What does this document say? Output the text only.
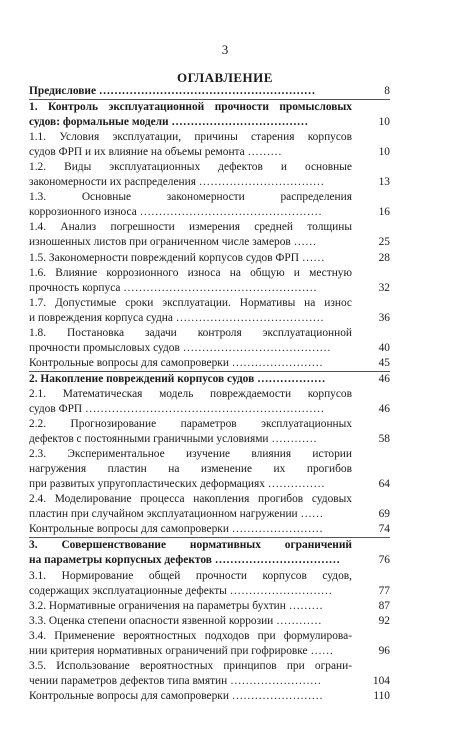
3
ОГЛАВЛЕНИЕ
Предисловие …………………………………………………	8
1. Контроль эксплуатационной прочности промысловых
судов: формальные модели ………………………………	10
1.1. Условия эксплуатации, причины старения корпусов
судов ФРП и их влияние на объемы ремонта ………	10
1.2. Виды эксплуатационных дефектов и основные
закономерности их распределения ……………………………	13
1.3. Основные закономерности распределения
коррозионного износа …………………………………………	16
1.4. Анализ погрешности измерения средней толщины
изношенных листов при ограниченном числе замеров ……	25
1.5. Закономерности повреждений корпусов судов ФРП ……	28
1.6. Влияние коррозионного износа на общую и местную
прочность корпуса ……………………………………………	32
1.7. Допустимые сроки эксплуатации. Нормативы на износ
и повреждения корпуса судна …………………………………	36
1.8. Постановка задачи контроля эксплуатационной
прочности промысловых судов …………………………………	40
Контрольные вопросы для самопроверки ……………………	45
2. Накопление повреждений корпусов судов ………………	46
2.1. Математическая модель повреждаемости корпусов
судов ФРП ………………………………………………………	46
2.2. Прогнозирование параметров эксплуатационных
дефектов с постоянными граничными условиями …………	58
2.3. Экспериментальное изучение влияния истории
нагружения пластин на изменение их прогибов
при развитых упругопластических деформациях ……………	64
2.4. Моделирование процесса накопления прогибов судовых
пластин при случайном эксплуатационном нагружении ……	69
Контрольные вопросы для самопроверки ……………………	74
3. Совершенствование нормативных ограничений
на параметры корпусных дефектов ……………………………	76
3.1. Нормирование общей прочности корпусов судов,
содержащих эксплуатационные дефекты ………………………	77
3.2. Нормативные ограничения на параметры бухтин ………	87
3.3. Оценка степени опасности язвенной коррозии …………	92
3.4. Применение вероятностных подходов при формулирова-
нии критерия нормативных ограничений при гофрировке ……	96
3.5. Использование вероятностных принципов при ограни-
чении параметров дефектов типа вмятин ……………………	104
Контрольные вопросы для самопроверки ……………………	110
